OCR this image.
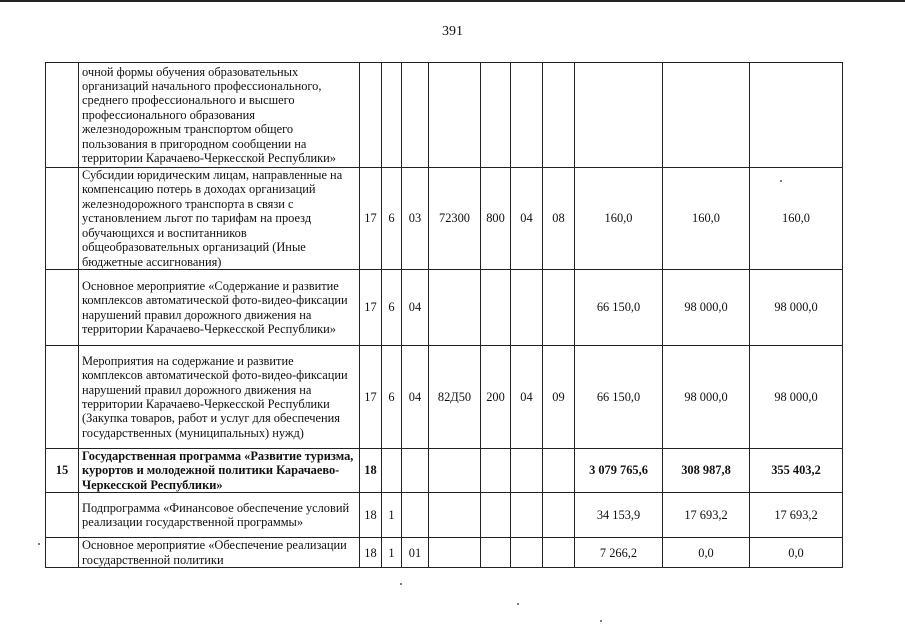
391
	очной формы обучения образовательных организаций начального профессионального, среднего профессионального и высшего профессионального образования железнодорожным транспортом общего пользования в пригородном сообщении на территории Карачаево-Черкесской Республики»										
	Субсидии юридическим лицам, направленные на компенсацию потерь в доходах организаций железнодорожного транспорта в связи с установлением льгот по тарифам на проезд обучающихся и воспитанников общеобразовательных организаций (Иные бюджетные ассигнования)	17	6	03	72300	800	04	08	160,0	160,0	160,0
	Основное мероприятие «Содержание и развитие комплексов автоматической фото-видео-фиксации нарушений правил дорожного движения на территории Карачаево-Черкесской Республики»	17	6	04					66 150,0	98 000,0	98 000,0
	Мероприятия на содержание и развитие комплексов автоматической фото-видео-фиксации нарушений правил дорожного движения на территории Карачаево-Черкесской Республики (Закупка товаров, работ и услуг для обеспечения государственных (муниципальных) нужд)	17	6	04	82Д50	200	04	09	66 150,0	98 000,0	98 000,0
15	Государственная программа «Развитие туризма, курортов и молодежной политики Карачаево-Черкесской Республики»	18							3 079 765,6	308 987,8	355 403,2
	Подпрограмма «Финансовое обеспечение условий реализации государственной программы»	18	1						34 153,9	17 693,2	17 693,2
	Основное мероприятие «Обеспечение реализации государственной политики	18	1	01					7 266,2	0,0	0,0
